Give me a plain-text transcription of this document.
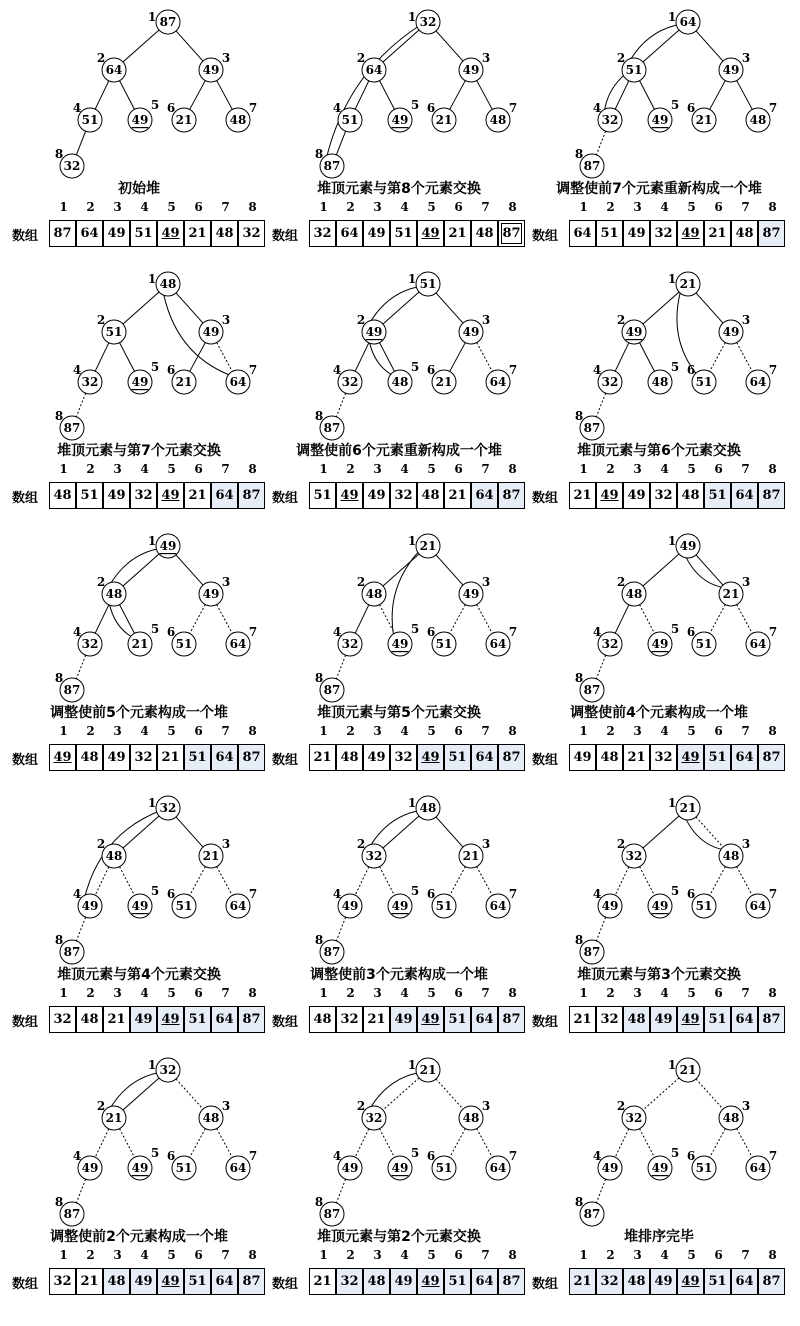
87
1
64
2
49
3
51
4
49
5
21
6
48
7
32
8
初始堆
数组
1
87
2
64
3
49
4
51
5
49
6
21
7
48
8
32
32
1
64
2
49
3
51
4
49
5
21
6
48
7
87
8
堆顶元素与第8个元素交换
数组
1
32
2
64
3
49
4
51
5
49
6
21
7
48
8
87
64
1
51
2
49
3
32
4
49
5
21
6
48
7
87
8
调整使前7个元素重新构成一个堆
数组
1
64
2
51
3
49
4
32
5
49
6
21
7
48
8
87
48
1
51
2
49
3
32
4
49
5
21
6
64
7
87
8
堆顶元素与第7个元素交换
数组
1
48
2
51
3
49
4
32
5
49
6
21
7
64
8
87
51
1
49
2
49
3
32
4
48
5
21
6
64
7
87
8
调整使前6个元素重新构成一个堆
数组
1
51
2
49
3
49
4
32
5
48
6
21
7
64
8
87
21
1
49
2
49
3
32
4
48
5
51
6
64
7
87
8
堆顶元素与第6个元素交换
数组
1
21
2
49
3
49
4
32
5
48
6
51
7
64
8
87
49
1
48
2
49
3
32
4
21
5
51
6
64
7
87
8
调整使前5个元素构成一个堆
数组
1
49
2
48
3
49
4
32
5
21
6
51
7
64
8
87
21
1
48
2
49
3
32
4
49
5
51
6
64
7
87
8
堆顶元素与第5个元素交换
数组
1
21
2
48
3
49
4
32
5
49
6
51
7
64
8
87
49
1
48
2
21
3
32
4
49
5
51
6
64
7
87
8
调整使前4个元素构成一个堆
数组
1
49
2
48
3
21
4
32
5
49
6
51
7
64
8
87
32
1
48
2
21
3
49
4
49
5
51
6
64
7
87
8
堆顶元素与第4个元素交换
数组
1
32
2
48
3
21
4
49
5
49
6
51
7
64
8
87
48
1
32
2
21
3
49
4
49
5
51
6
64
7
87
8
调整使前3个元素构成一个堆
数组
1
48
2
32
3
21
4
49
5
49
6
51
7
64
8
87
21
1
32
2
48
3
49
4
49
5
51
6
64
7
87
8
堆顶元素与第3个元素交换
数组
1
21
2
32
3
48
4
49
5
49
6
51
7
64
8
87
32
1
21
2
48
3
49
4
49
5
51
6
64
7
87
8
调整使前2个元素构成一个堆
数组
1
32
2
21
3
48
4
49
5
49
6
51
7
64
8
87
21
1
32
2
48
3
49
4
49
5
51
6
64
7
87
8
堆顶元素与第2个元素交换
数组
1
21
2
32
3
48
4
49
5
49
6
51
7
64
8
87
21
1
32
2
48
3
49
4
49
5
51
6
64
7
87
8
堆排序完毕
数组
1
21
2
32
3
48
4
49
5
49
6
51
7
64
8
87
